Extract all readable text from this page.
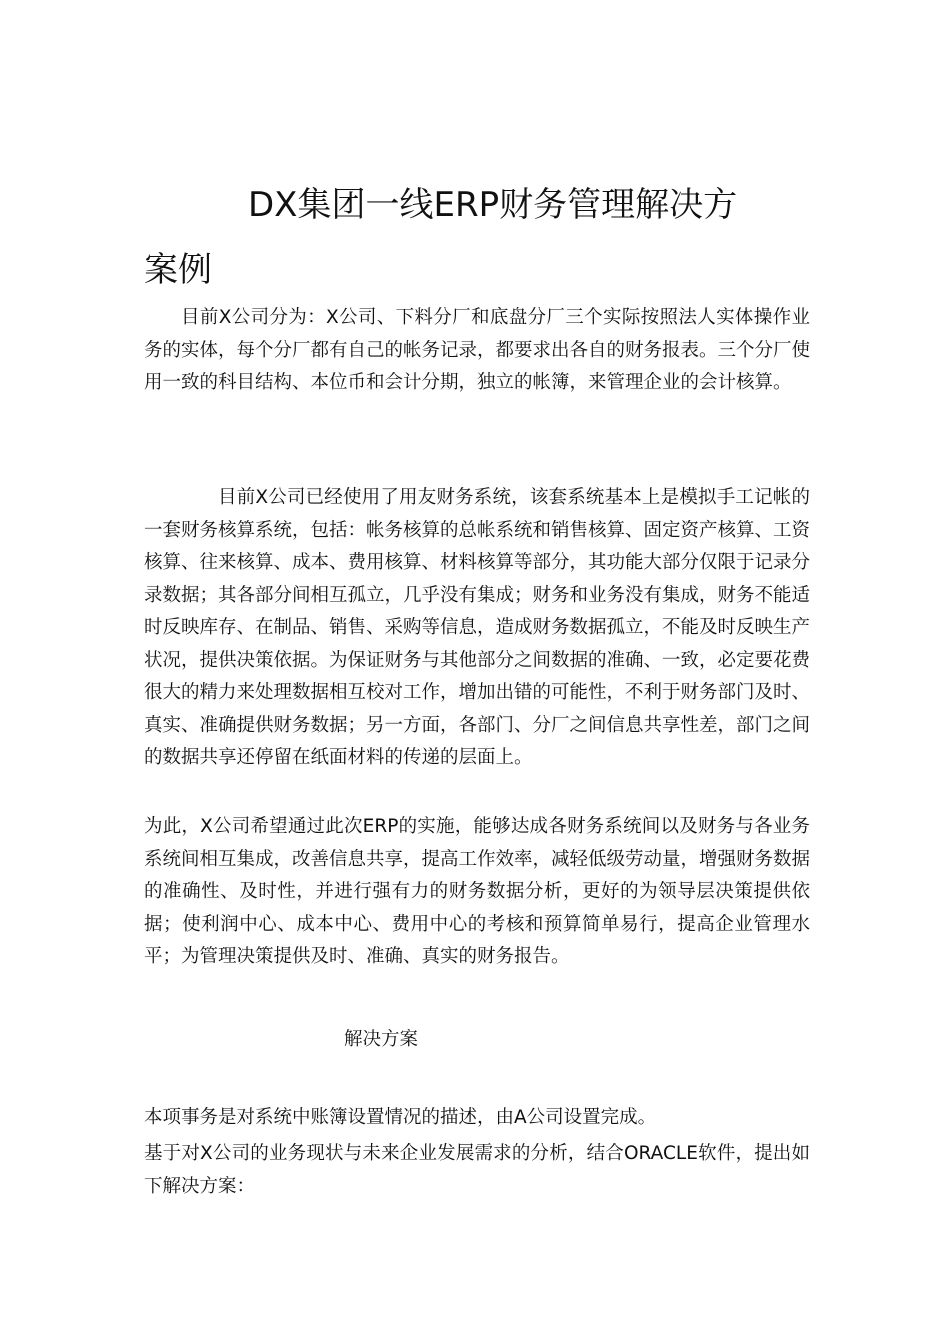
DX集团一线ERP财务管理解决方
案例

目前X公司分为：X公司、下料分厂和底盘分厂三个实际按照法人实体操作业务的实体，每个分厂都有自己的帐务记录，都要求出各自的财务报表。三个分厂使用一致的科目结构、本位币和会计分期，独立的帐簿，来管理企业的会计核算。

目前X公司已经使用了用友财务系统，该套系统基本上是模拟手工记帐的一套财务核算系统，包括：帐务核算的总帐系统和销售核算、固定资产核算、工资核算、往来核算、成本、费用核算、材料核算等部分，其功能大部分仅限于记录分录数据；其各部分间相互孤立，几乎没有集成；财务和业务没有集成，财务不能适时反映库存、在制品、销售、采购等信息，造成财务数据孤立，不能及时反映生产状况，提供决策依据。为保证财务与其他部分之间数据的准确、一致，必定要花费很大的精力来处理数据相互校对工作，增加出错的可能性，不利于财务部门及时、真实、准确提供财务数据；另一方面，各部门、分厂之间信息共享性差，部门之间的数据共享还停留在纸面材料的传递的层面上。

为此，X公司希望通过此次ERP的实施，能够达成各财务系统间以及财务与各业务系统间相互集成，改善信息共享，提高工作效率，减轻低级劳动量，增强财务数据的准确性、及时性，并进行强有力的财务数据分析，更好的为领导层决策提供依据；使利润中心、成本中心、费用中心的考核和预算简单易行，提高企业管理水平；为管理决策提供及时、准确、真实的财务报告。

解决方案

本项事务是对系统中账簿设置情况的描述，由A公司设置完成。

基于对X公司的业务现状与未来企业发展需求的分析，结合ORACLE软件，提出如下解决方案：
